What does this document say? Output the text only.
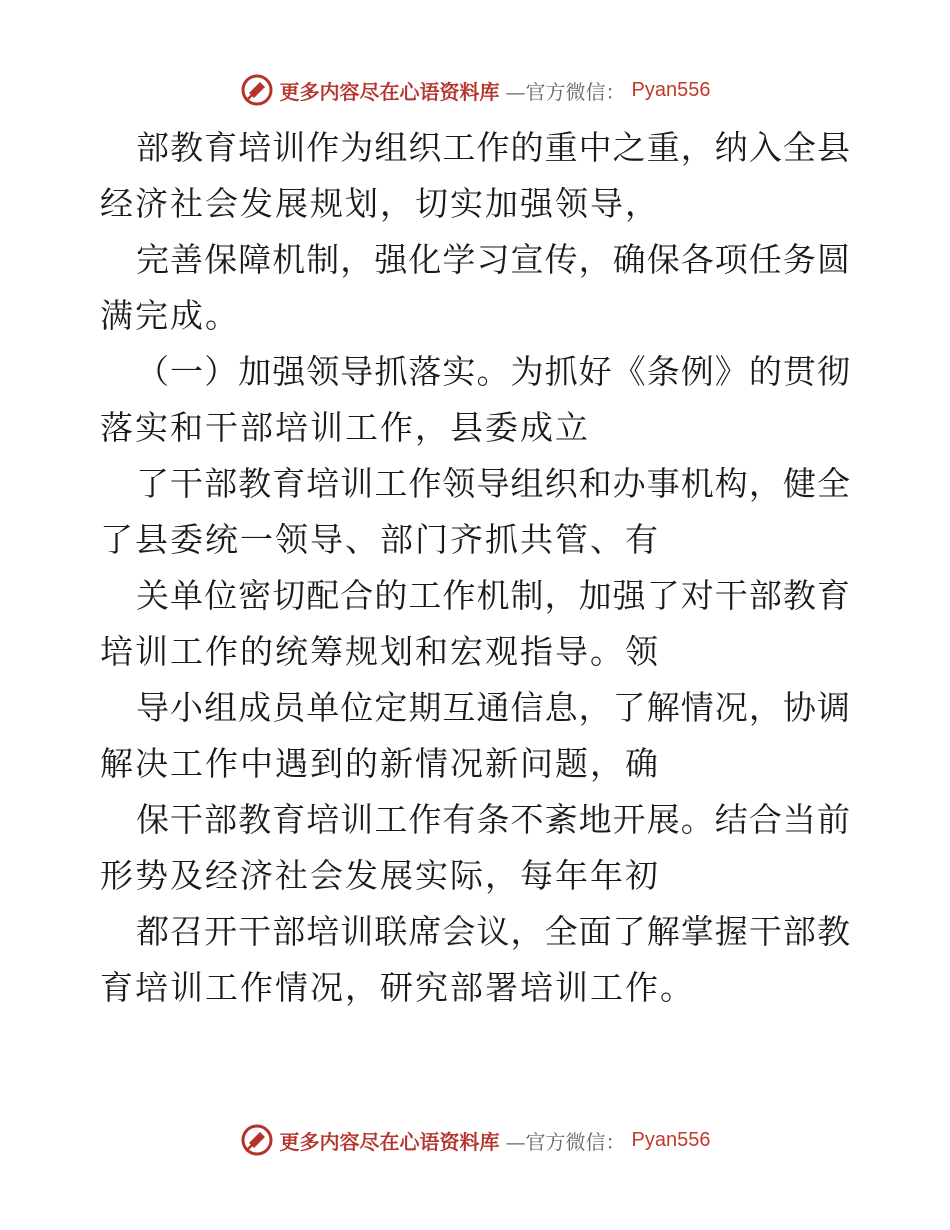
更多内容尽在心语资料库 —官方微信： Pyan556
部 教 育 培 训 作 为 组 织 工 作 的 重 中 之 重 ， 纳 入 全 县
经济社会发展规划，切实加强领导，
完 善 保 障 机 制 ， 强 化 学 习 宣 传 ， 确 保 各 项 任 务 圆
满完成。
（ 一 ） 加 强 领 导 抓 落 实 。 为 抓 好 《 条 例 》 的 贯 彻
落实和干部培训工作，县委成立
了 干 部 教 育 培 训 工 作 领 导 组 织 和 办 事 机 构 ， 健 全
了县委统一领导、部门齐抓共管、有
关 单 位 密 切 配 合 的 工 作 机 制 ， 加 强 了 对 干 部 教 育
培训工作的统筹规划和宏观指导。领
导 小 组 成 员 单 位 定 期 互 通 信 息 ， 了 解 情 况 ， 协 调
解决工作中遇到的新情况新问题，确
保 干 部 教 育 培 训 工 作 有 条 不 紊 地 开 展 。 结 合 当 前
形势及经济社会发展实际，每年年初
都 召 开 干 部 培 训 联 席 会 议 ， 全 面 了 解 掌 握 干 部 教
育培训工作情况，研究部署培训工作。
更多内容尽在心语资料库 —官方微信： Pyan556
